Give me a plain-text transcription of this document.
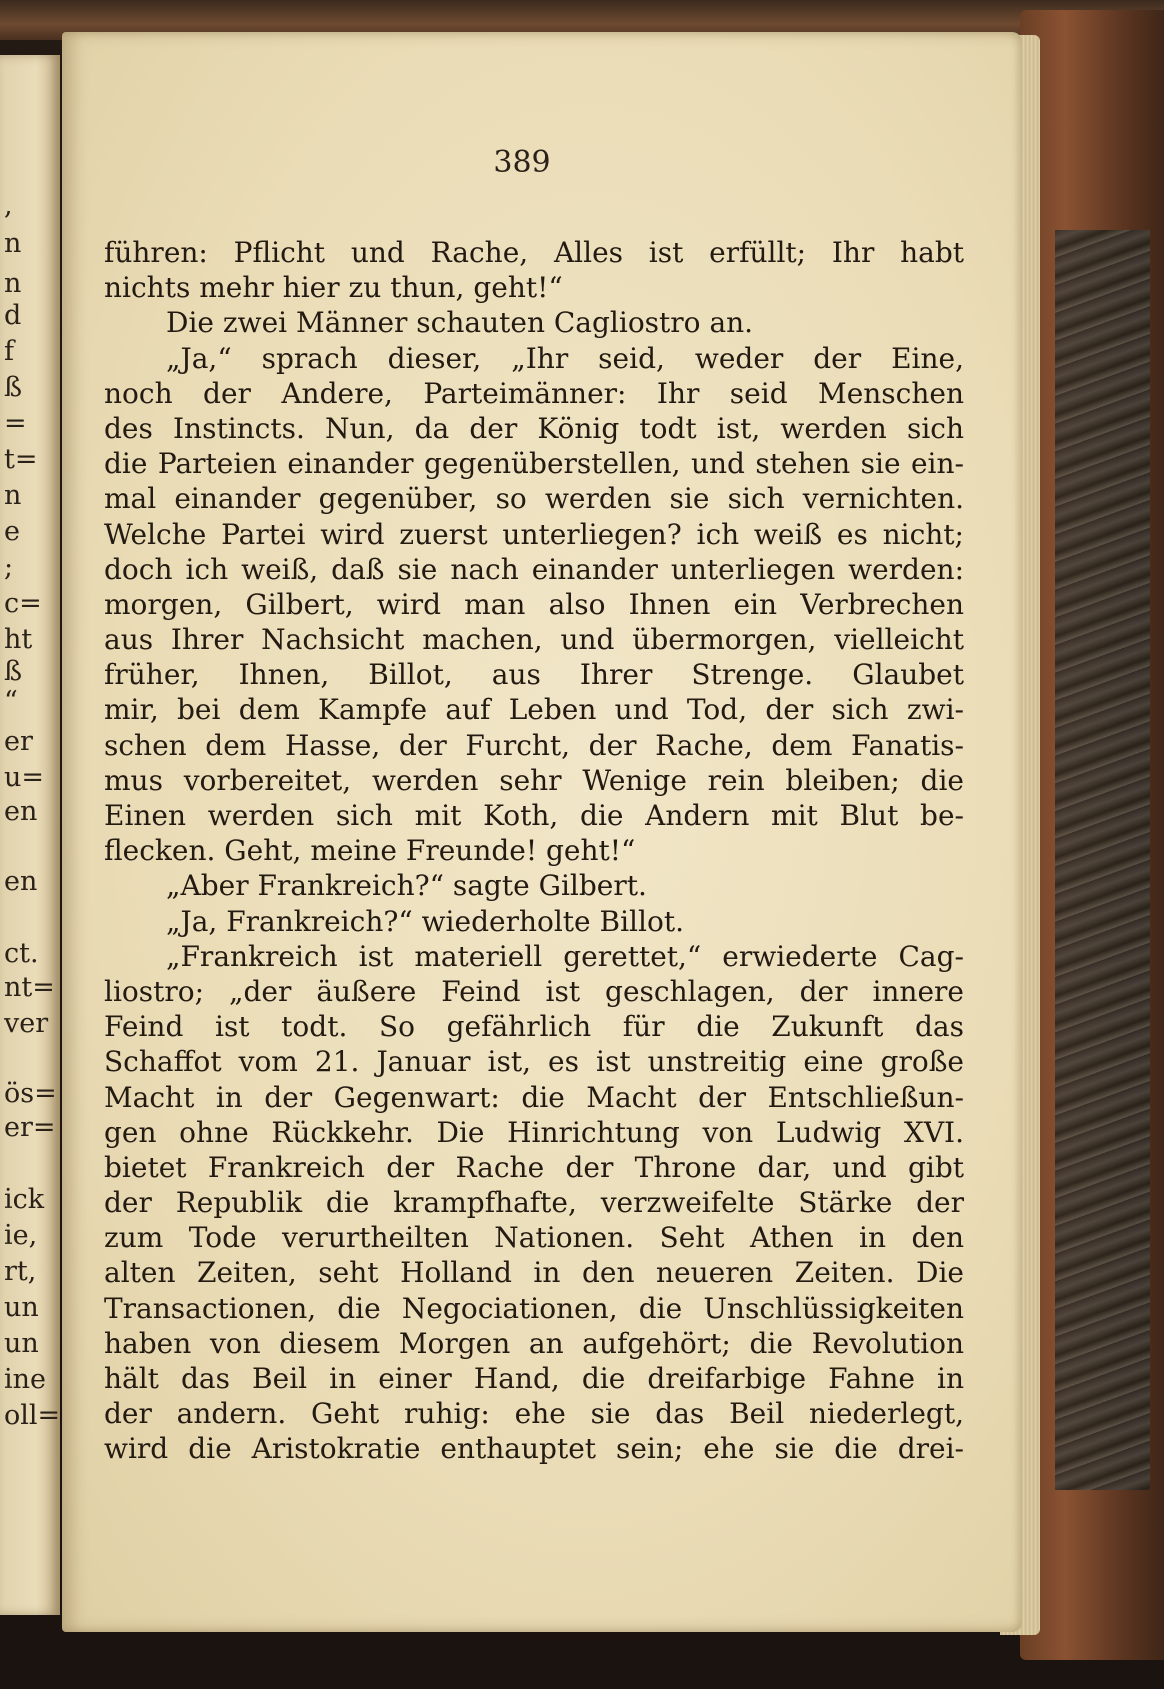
,
n
n
d
f
ß
=
t=
n
e
;
c=
ht
ß
“
er
u=
en
en
ct.
nt=
ver
ös=
er=
ick
ie,
rt,
un
un
ine
oll=
389
führen: Pflicht und Rache, Alles ist erfüllt; Ihr habt
nichts mehr hier zu thun, geht!“
Die zwei Männer schauten Cagliostro an.
„Ja,“ sprach dieser, „Ihr seid, weder der Eine,
noch der Andere, Parteimänner: Ihr seid Menschen
des Instincts. Nun, da der König todt ist, werden sich
die Parteien einander gegenüberstellen, und stehen sie ein-
mal einander gegenüber, so werden sie sich vernichten.
Welche Partei wird zuerst unterliegen? ich weiß es nicht;
doch ich weiß, daß sie nach einander unterliegen werden:
morgen, Gilbert, wird man also Ihnen ein Verbrechen
aus Ihrer Nachsicht machen, und übermorgen, vielleicht
früher, Ihnen, Billot, aus Ihrer Strenge. Glaubet
mir, bei dem Kampfe auf Leben und Tod, der sich zwi-
schen dem Hasse, der Furcht, der Rache, dem Fanatis-
mus vorbereitet, werden sehr Wenige rein bleiben; die
Einen werden sich mit Koth, die Andern mit Blut be-
flecken. Geht, meine Freunde! geht!“
„Aber Frankreich?“ sagte Gilbert.
„Ja, Frankreich?“ wiederholte Billot.
„Frankreich ist materiell gerettet,“ erwiederte Cag-
liostro; „der äußere Feind ist geschlagen, der innere
Feind ist todt. So gefährlich für die Zukunft das
Schaffot vom 21. Januar ist, es ist unstreitig eine große
Macht in der Gegenwart: die Macht der Entschließun-
gen ohne Rückkehr. Die Hinrichtung von Ludwig XVI.
bietet Frankreich der Rache der Throne dar, und gibt
der Republik die krampfhafte, verzweifelte Stärke der
zum Tode verurtheilten Nationen. Seht Athen in den
alten Zeiten, seht Holland in den neueren Zeiten. Die
Transactionen, die Negociationen, die Unschlüssigkeiten
haben von diesem Morgen an aufgehört; die Revolution
hält das Beil in einer Hand, die dreifarbige Fahne in
der andern. Geht ruhig: ehe sie das Beil niederlegt,
wird die Aristokratie enthauptet sein; ehe sie die drei-
